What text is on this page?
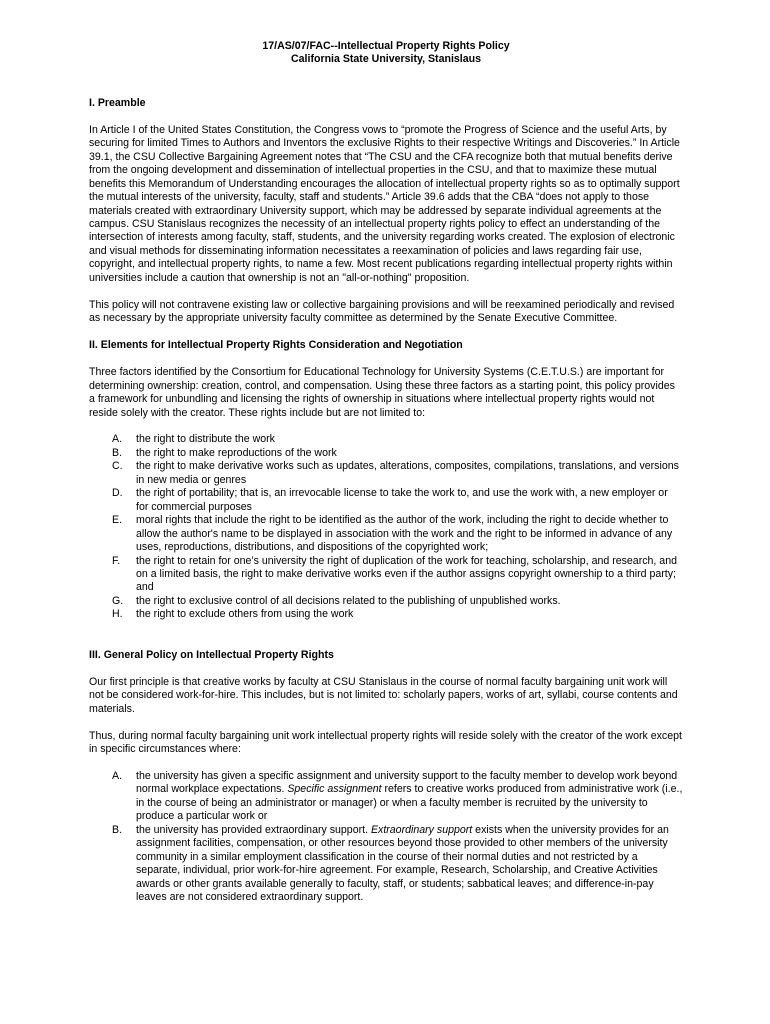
17/AS/07/FAC--Intellectual Property Rights Policy
California State University, Stanislaus
I. Preamble

In Article I of the United States Constitution, the Congress vows to “promote the Progress of Science and the useful Arts, by securing for limited Times to Authors and Inventors the exclusive Rights to their respective Writings and Discoveries.” In Article 39.1, the CSU Collective Bargaining Agreement notes that “The CSU and the CFA recognize both that mutual benefits derive from the ongoing development and dissemination of intellectual properties in the CSU, and that to maximize these mutual benefits this Memorandum of Understanding encourages the allocation of intellectual property rights so as to optimally support the mutual interests of the university, faculty, staff and students.” Article 39.6 adds that the CBA “does not apply to those materials created with extraordinary University support, which may be addressed by separate individual agreements at the campus. CSU Stanislaus recognizes the necessity of an intellectual property rights policy to effect an understanding of the intersection of interests among faculty, staff, students, and the university regarding works created. The explosion of electronic and visual methods for disseminating information necessitates a reexamination of policies and laws regarding fair use, copyright, and intellectual property rights, to name a few. Most recent publications regarding intellectual property rights within universities include a caution that ownership is not an "all-or-nothing" proposition.

This policy will not contravene existing law or collective bargaining provisions and will be reexamined periodically and revised as necessary by the appropriate university faculty committee as determined by the Senate Executive Committee.

II. Elements for Intellectual Property Rights Consideration and Negotiation

Three factors identified by the Consortium for Educational Technology for University Systems (C.E.T.U.S.) are important for determining ownership: creation, control, and compensation. Using these three factors as a starting point, this policy provides a framework for unbundling and licensing the rights of ownership in situations where intellectual property rights would not reside solely with the creator. These rights include but are not limited to:

A. the right to distribute the work
B. the right to make reproductions of the work
C. the right to make derivative works such as updates, alterations, composites, compilations, translations, and versions in new media or genres
D. the right of portability; that is, an irrevocable license to take the work to, and use the work with, a new employer or for commercial purposes
E. moral rights that include the right to be identified as the author of the work, including the right to decide whether to allow the author's name to be displayed in association with the work and the right to be informed in advance of any uses, reproductions, distributions, and dispositions of the copyrighted work;
F. the right to retain for one’s university the right of duplication of the work for teaching, scholarship, and research, and on a limited basis, the right to make derivative works even if the author assigns copyright ownership to a third party; and
G. the right to exclusive control of all decisions related to the publishing of unpublished works.
H. the right to exclude others from using the work
III. General Policy on Intellectual Property Rights

Our first principle is that creative works by faculty at CSU Stanislaus in the course of normal faculty bargaining unit work will not be considered work-for-hire. This includes, but is not limited to: scholarly papers, works of art, syllabi, course contents and materials.

Thus, during normal faculty bargaining unit work intellectual property rights will reside solely with the creator of the work except in specific circumstances where:

A. the university has given a specific assignment and university support to the faculty member to develop work beyond normal workplace expectations. Specific assignment refers to creative works produced from administrative work (i.e., in the course of being an administrator or manager) or when a faculty member is recruited by the university to produce a particular work or
B. the university has provided extraordinary support. Extraordinary support exists when the university provides for an assignment facilities, compensation, or other resources beyond those provided to other members of the university community in a similar employment classification in the course of their normal duties and not restricted by a separate, individual, prior work-for-hire agreement. For example, Research, Scholarship, and Creative Activities awards or other grants available generally to faculty, staff, or students; sabbatical leaves; and difference-in-pay leaves are not considered extraordinary support.
